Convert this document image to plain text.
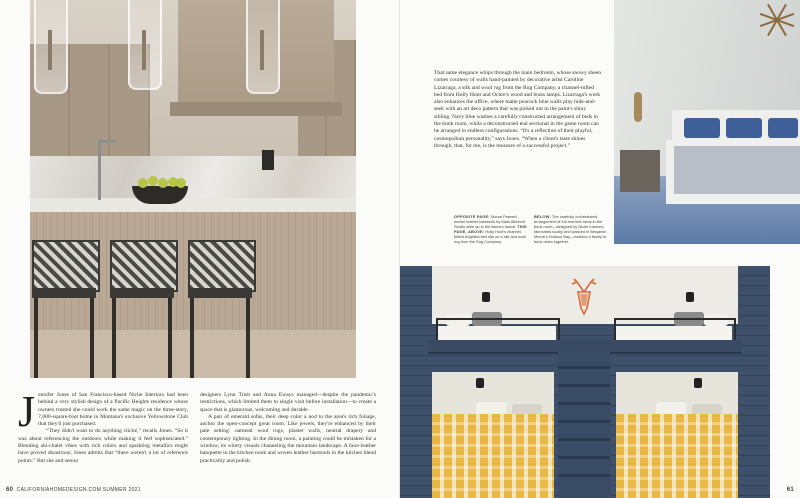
J ennifer Jones of San Francisco-based Niche Interiors had been behind a very stylish design of a Pacific Heights residence whose owners trusted she could work the same magic on the three-story, 7,000-square-foot home in Montana's exclusive Yellowstone Club that they'd just purchased.
“They didn't want to do anything cliché,” recalls Jones. “So it was about referencing the outdoors while making it feel sophisticated.” Blending ski-chalet vibes with rich colors and sparkling metallics might have proved disastrous; Jones admits that “there weren't a lot of reference points.” But she and senior
designers Lynn Trish and Anna Eways managed—despite the pandemic's restrictions, which limited them to single visit before installation—to create a space that is glamorous, welcoming and durable.
A pair of emerald sofas, their deep color a nod to the area's rich foliage, anchor the open-concept great room. Like jewels, they're enhanced by their pale setting: oatmeal wool rugs, plaster walls, neutral drapery and contemporary lighting. In the dining room, a painting could be mistaken for a window, its wintry visuals channeling the mountain landscape. A faux-leather banquette in the kitchen nook and woven leather barstools in the kitchen blend practicality and polish.
60 CALIFORNIAHOMEDESIGN.COM SUMMER 2021
That same elegance whips through the main bedroom, whose snowy sheen comes courtesy of walls hand-painted by decorative artist Caroline Lizarraga, a silk and wool rug from the Rug Company, a channel-tufted bed from Holly Hunt and Ochre's wood and brass lamps. Lizarraga's work also enhances the office, where matte peacock blue walls play hide-and-seek with an art deco pattern that was picked out in the paint's shiny sibling. Navy blue washes a carefully constructed arrangement of beds in the bunk room, while a deconstructed teal sectional in the game room can be arranged in endless configurations. “It's a reflection of their playful, cosmopolitan personality,” says Jones. “When a client's taste shines through, that, for me, is the measure of a successful project.”
OPPOSITE PAGE: Moran Parmed woven leather barstools by Mark Albrecht Studio sidle up to the kitchen island. THIS PAGE, ABOVE: Holly Hunt's channel-tufted Angelika bed sits on a silk and wool rug from the Rug Company.
BELOW: The carefully orchestrated arrangement of full and twin beds in the bunk room—designed by Niche Interiors, fabricated locally and washed in Benjamin Moore's Hudson Bay—enables a family to bunk down together.
61
